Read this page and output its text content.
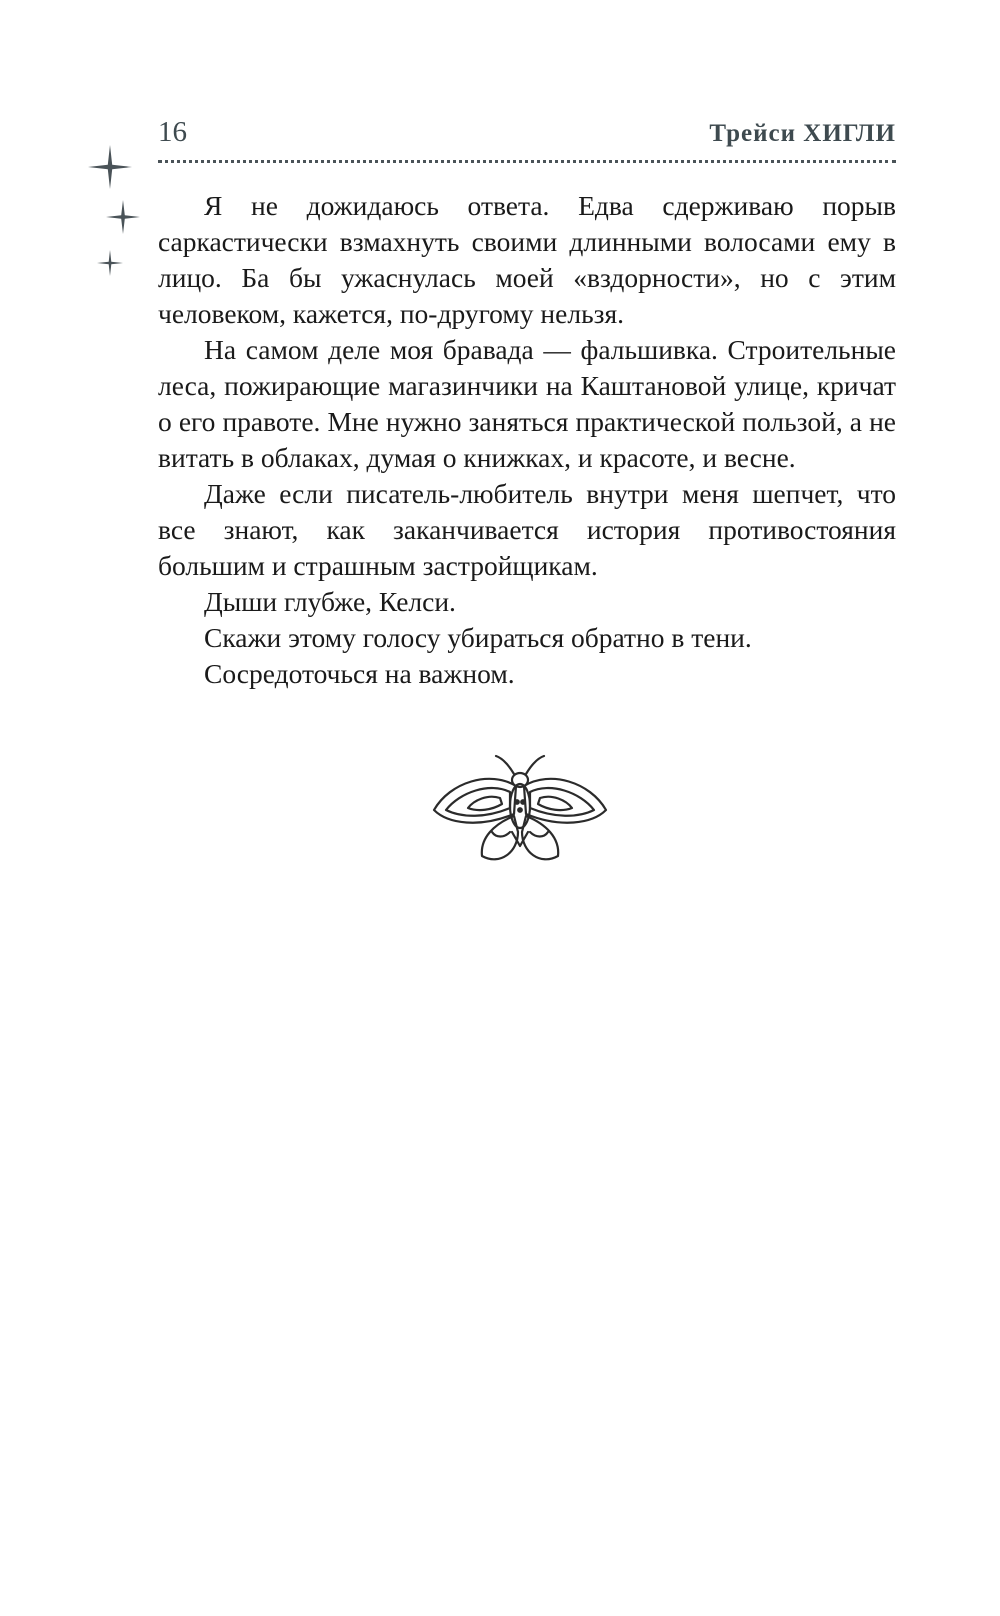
16	Трейси ХИГЛИ

Я не дожидаюсь ответа. Едва сдерживаю порыв саркастически взмахнуть своими длинными волосами ему в лицо. Ба бы ужаснулась моей «вздорности», но с этим человеком, кажется, по-другому нельзя.

На самом деле моя бравада — фальшивка. Строительные леса, пожирающие магазинчики на Каштановой улице, кричат о его правоте. Мне нужно заняться практической пользой, а не витать в облаках, думая о книжках, и красоте, и весне.

Даже если писатель-любитель внутри меня шепчет, что все знают, как заканчивается история противостояния большим и страшным застройщикам.

Дыши глубже, Келси.

Скажи этому голосу убираться обратно в тени.

Сосредоточься на важном.
